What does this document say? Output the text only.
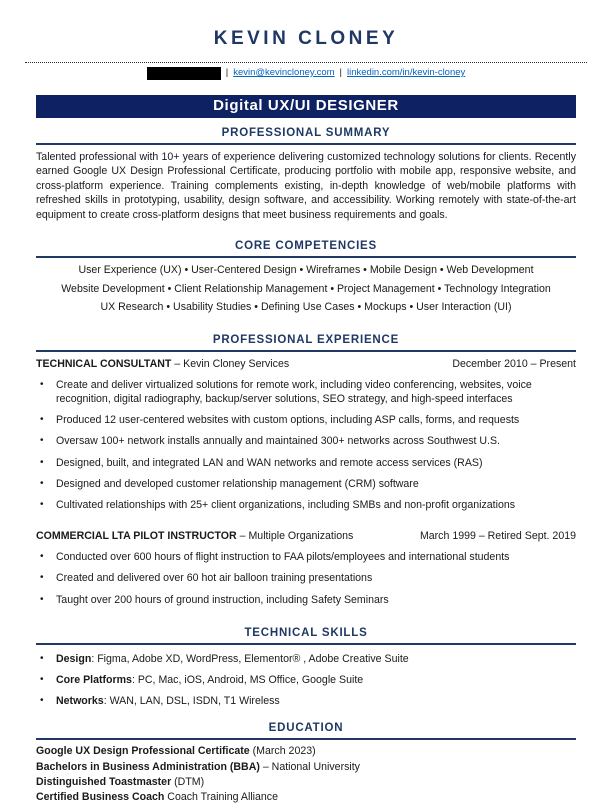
KEVIN CLONEY
| kevin@kevincloney.com | linkedin.com/in/kevin-cloney
Digital UX/UI DESIGNER
PROFESSIONAL SUMMARY
Talented professional with 10+ years of experience delivering customized technology solutions for clients. Recently earned Google UX Design Professional Certificate, producing portfolio with mobile app, responsive website, and cross-platform experience. Training complements existing, in-depth knowledge of web/mobile platforms with refreshed skills in prototyping, usability, design software, and accessibility. Working remotely with state-of-the-art equipment to create cross-platform designs that meet business requirements and goals.
CORE COMPETENCIES
User Experience (UX) • User-Centered Design • Wireframes • Mobile Design • Web Development
Website Development • Client Relationship Management • Project Management • Technology Integration
UX Research • Usability Studies • Defining Use Cases • Mockups • User Interaction (UI)
PROFESSIONAL EXPERIENCE
TECHNICAL CONSULTANT – Kevin Cloney Services	December 2010 – Present
•	Create and deliver virtualized solutions for remote work, including video conferencing, websites, voice recognition, digital radiography, backup/server solutions, SEO strategy, and high-speed interfaces
•	Produced 12 user-centered websites with custom options, including ASP calls, forms, and requests
•	Oversaw 100+ network installs annually and maintained 300+ networks across Southwest U.S.
•	Designed, built, and integrated LAN and WAN networks and remote access services (RAS)
•	Designed and developed customer relationship management (CRM) software
•	Cultivated relationships with 25+ client organizations, including SMBs and non-profit organizations
COMMERCIAL LTA PILOT INSTRUCTOR – Multiple Organizations	March 1999 – Retired Sept. 2019
•	Conducted over 600 hours of flight instruction to FAA pilots/employees and international students
•	Created and delivered over 60 hot air balloon training presentations
•	Taught over 200 hours of ground instruction, including Safety Seminars
TECHNICAL SKILLS
•	Design: Figma, Adobe XD, WordPress, Elementor® , Adobe Creative Suite
•	Core Platforms: PC, Mac, iOS, Android, MS Office, Google Suite
•	Networks: WAN, LAN, DSL, ISDN, T1 Wireless
EDUCATION
Google UX Design Professional Certificate (March 2023)
Bachelors in Business Administration (BBA) – National University
Distinguished Toastmaster (DTM)
Certified Business Coach Coach Training Alliance
